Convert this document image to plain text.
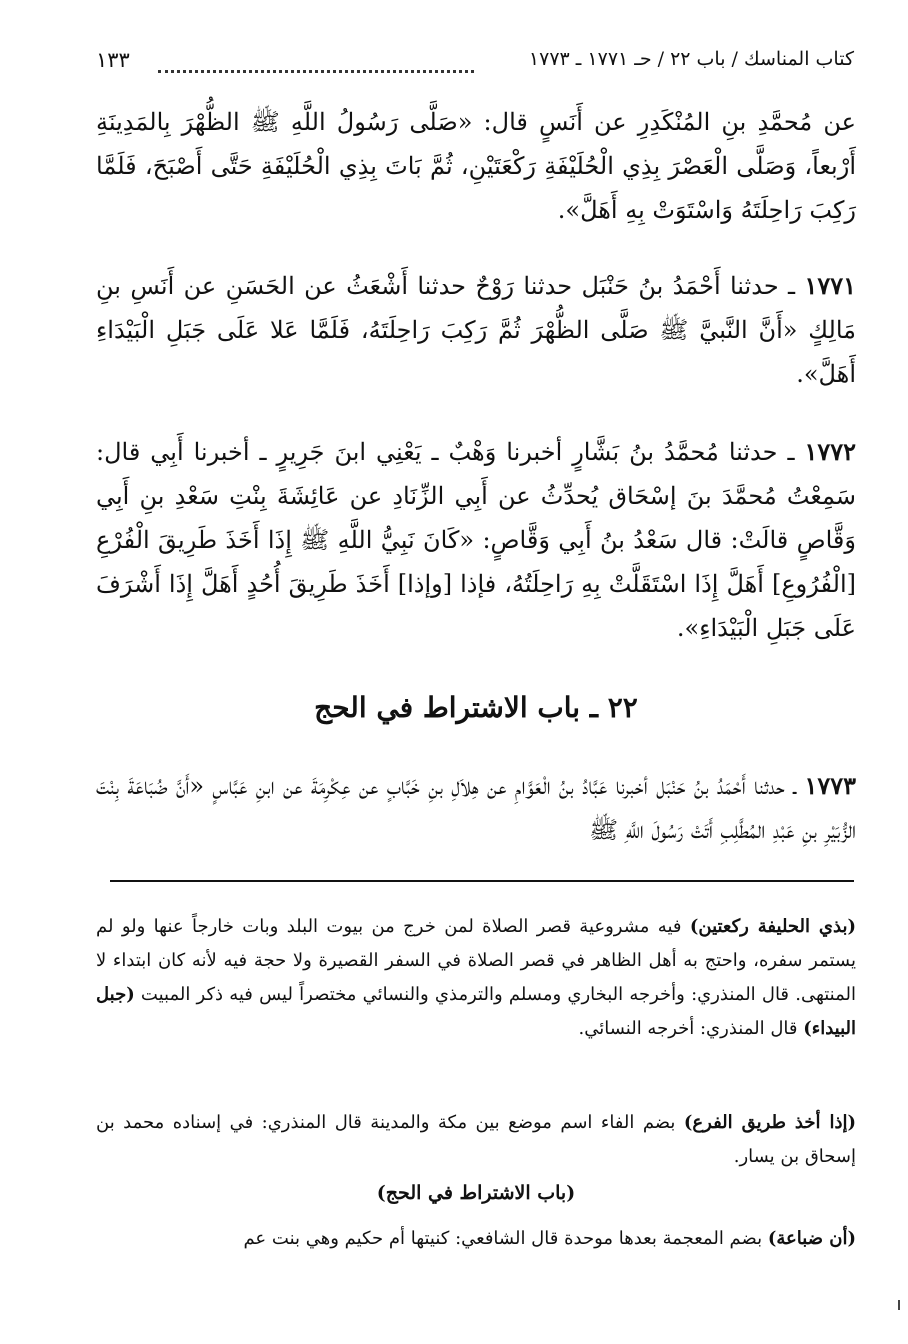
كتاب المناسك / باب ٢٢ / حـ ١٧٧١ ـ ١٧٧٣
١٣٣

عن مُحمَّدِ بنِ المُنْكَدِرِ عن أَنَسٍ قال: «صَلَّى رَسُولُ اللَّهِ ﷺ الظُّهْرَ بِالمَدِينَةِ أَرْبعاً، وَصَلَّى الْعَصْرَ بِذِي الْحُلَيْفَةِ رَكْعَتَيْنِ، ثُمَّ بَاتَ بِذِي الْحُلَيْفَةِ حَتَّى أَصْبَحَ، فَلَمَّا رَكِبَ رَاحِلَتَهُ وَاسْتَوَتْ بِهِ أَهَلَّ».

١٧٧١ ـ حدثنا أَحْمَدُ بنُ حَنْبَل حدثنا رَوْحٌ حدثنا أَشْعَثُ عن الحَسَنِ عن أَنَسِ بنِ مَالِكٍ «أَنَّ النَّبيَّ ﷺ صَلَّى الظُّهْرَ ثُمَّ رَكِبَ رَاحِلَتَهُ، فَلَمَّا عَلا عَلَى جَبَلِ الْبَيْدَاءِ أَهَلَّ».

١٧٧٢ ـ حدثنا مُحمَّدُ بنُ بَشَّارٍ أخبرنا وَهْبٌ ـ يَعْنِي ابنَ جَرِيرٍ ـ أخبرنا أَبِي قال: سَمِعْتُ مُحمَّدَ بنَ إسْحَاق يُحدِّثُ عن أَبِي الزِّنَادِ عن عَائِشَةَ بِنْتِ سَعْدِ بنِ أَبِي وَقَّاصٍ قالَتْ: قال سَعْدُ بنُ أَبِي وَقَّاصٍ: «كَانَ نَبِيُّ اللَّهِ ﷺ إِذَا أَخَذَ طَرِيقَ الْفُرْعِ [الْفُرُوعِ] أَهَلَّ إِذَا اسْتَقَلَّتْ بِهِ رَاحِلَتُهُ، فإذا [وإذا] أَخَذَ طَرِيقَ أُحُدٍ أَهَلَّ إِذَا أَشْرَفَ عَلَى جَبَلِ الْبَيْدَاءِ».

٢٢ ـ باب الاشتراط في الحج

١٧٧٣ ـ حدثنا أَحْمَدُ بنُ حَنْبَل أخبرنا عَبَّادُ بنُ الْعَوَّامِ عن هِلاَلِ بنِ خَبَّابٍ عن عِكْرِمَةَ عن ابنِ عَبَّاسٍ «أَنَّ ضُبَاعَةَ بِنْتَ الزُّبَيْرِ بنِ عَبْدِ المُطَّلِبِ أَتَتْ رَسُولَ اللَّهِ ﷺ

(بذي الحليفة ركعتين) فيه مشروعية قصر الصلاة لمن خرج من بيوت البلد وبات خارجاً عنها ولو لم يستمر سفره، واحتج به أهل الظاهر في قصر الصلاة في السفر القصيرة ولا حجة فيه لأنه كان ابتداء لا المنتهى. قال المنذري: وأخرجه البخاري ومسلم والترمذي والنسائي مختصراً ليس فيه ذكر المبيت (جبل البيداء) قال المنذري: أخرجه النسائي.

(إذا أخذ طريق الفرع) بضم الفاء اسم موضع بين مكة والمدينة قال المنذري: في إسناده محمد بن إسحاق بن يسار.

(باب الاشتراط في الحج)

(أن ضباعة) بضم المعجمة بعدها موحدة قال الشافعي: كنيتها أم حكيم وهي بنت عم
